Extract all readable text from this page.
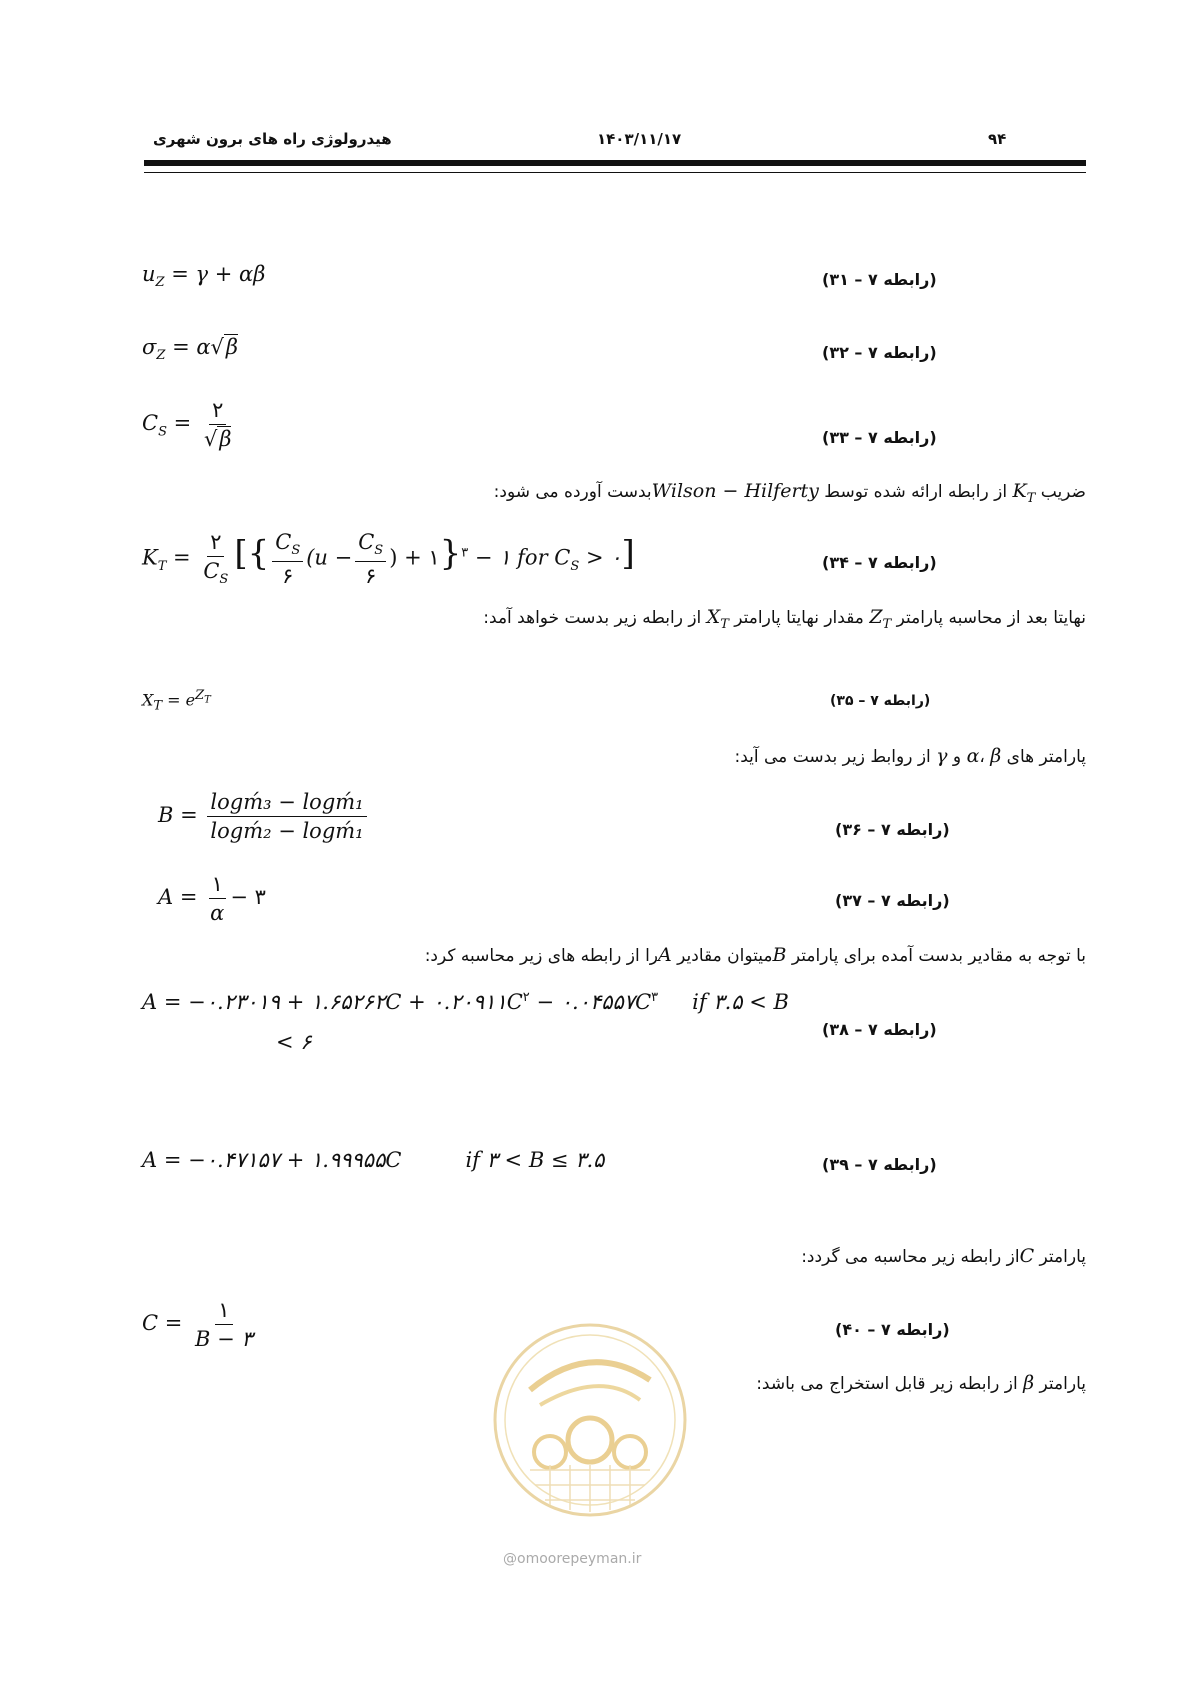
۹۴
۱۴۰۳/۱۱/۱۷
هیدرولوژی راه های برون شهری
$u_Z = \gamma + \alpha\beta$	(رابطه ۷ – ۳۱)
$\sigma_Z = \alpha√\beta$	(رابطه ۷ – ۳۲)
$C_S = \frac{۲}{√\beta}$	(رابطه ۷ – ۳۳)
ضریب $K_T$ از رابطه ارائه شده توسط Wilson − Hilfertyبدست آورده می شود:
$K_T = \frac{۲}{C_S}$ [{ $\frac{C_S}{۶} (u - \frac{C_S}{۶}$ ) + ۱}$^۳$ − ۱ for $C_S$ > ۰]	(رابطه ۷ – ۳۴)
نهایتا بعد از محاسبه پارامتر $Z_T$ مقدار نهایتا پارامتر $X_T$ از رابطه زیر بدست خواهد آمد:
$X_T = e^{Z_T}$	(رابطه ۷ – ۳۵)
پارامتر های α، β و γ از روابط زیر بدست می آید:
$B = \frac{\text{logḿ₃ − logḿ₁}}{\text{logḿ₂ − logḿ₁}}$	(رابطه ۷ – ۳۶)
$A = \frac{۱}{\alpha}$ − ۳	(رابطه ۷ – ۳۷)
با توجه به مقادیر بدست آمده برای پارامتر Bمیتوان مقادیر Aرا از رابطه های زیر محاسبه کرد:
A = −۰.۲۳۰۱۹ + ۱.۶۵۲۶۲C + $۰.۲۰۹۱۱C^۲$ − $۰.۰۴۵۵۷C^۳$ if ۳.۵ < B
< ۶
(رابطه ۷ – ۳۸)
A = −۰.۴۷۱۵۷ + ۱.۹۹۹۵۵C	if ۳ < B ≤ ۳.۵	(رابطه ۷ – ۳۹)
پارامتر Cاز رابطه زیر محاسبه می گردد:
$C = \frac{۱}{B - ۳}$	(رابطه ۷ – ۴۰)
پارامتر β از رابطه زیر قابل استخراج می باشد:
@omoorepeyman.ir
